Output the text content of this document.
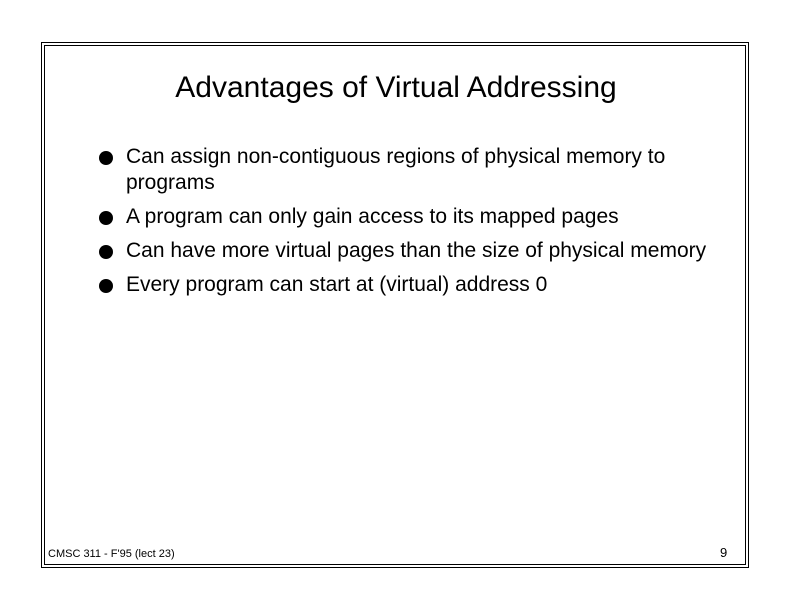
Advantages of Virtual Addressing
Can assign non-contiguous regions of physical memory to programs
A program can only gain access to its mapped pages
Can have more virtual pages than the size of physical memory
Every program can start at (virtual) address 0
CMSC 311 - F'95 (lect 23)	9
